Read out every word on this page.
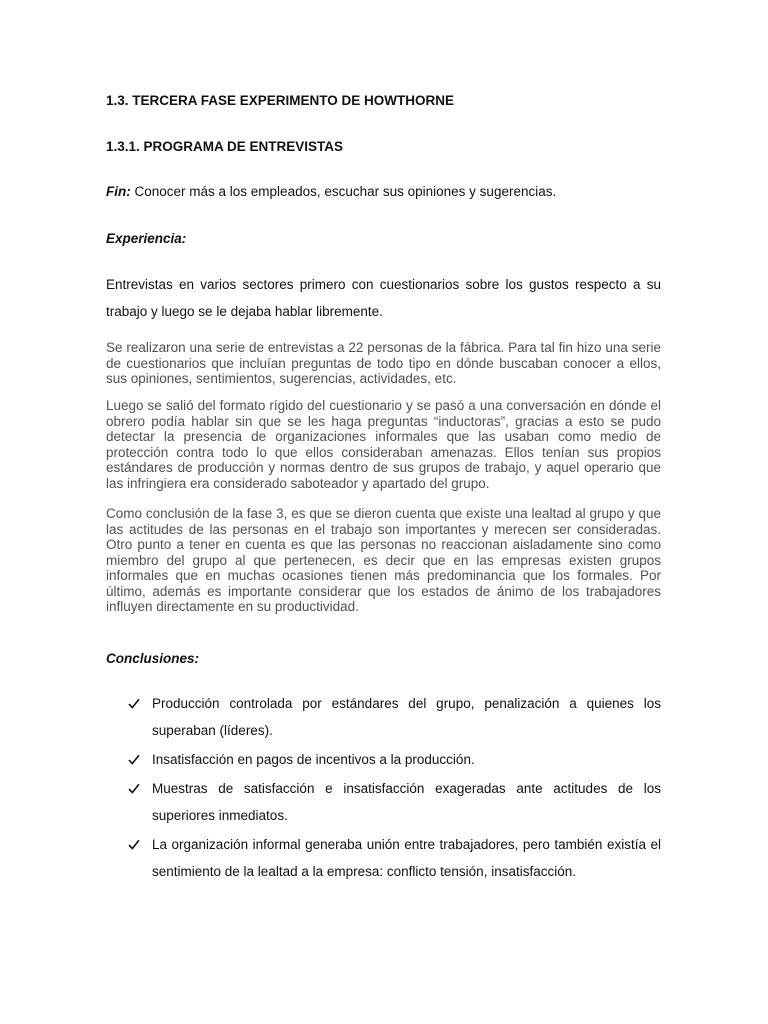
1.3. TERCERA FASE EXPERIMENTO DE HOWTHORNE

1.3.1. PROGRAMA DE ENTREVISTAS

Fin: Conocer más a los empleados, escuchar sus opiniones y sugerencias.

Experiencia:

Entrevistas en varios sectores primero con cuestionarios sobre los gustos respecto a su trabajo y luego se le dejaba hablar libremente.

Se realizaron una serie de entrevistas a 22 personas de la fábrica. Para tal fin hizo una serie de cuestionarios que incluían preguntas de todo tipo en dónde buscaban conocer a ellos, sus opiniones, sentimientos, sugerencias, actividades, etc.

Luego se salió del formato rígido del cuestionario y se pasó a una conversación en dónde el obrero podía hablar sin que se les haga preguntas “inductoras”, gracias a esto se pudo detectar la presencia de organizaciones informales que las usaban como medio de protección contra todo lo que ellos consideraban amenazas. Ellos tenían sus propios estándares de producción y normas dentro de sus grupos de trabajo, y aquel operario que las infringiera era considerado saboteador y apartado del grupo.

Como conclusión de la fase 3, es que se dieron cuenta que existe una lealtad al grupo y que las actitudes de las personas en el trabajo son importantes y merecen ser consideradas. Otro punto a tener en cuenta es que las personas no reaccionan aisladamente sino como miembro del grupo al que pertenecen, es decir que en las empresas existen grupos informales que en muchas ocasiones tienen más predominancia que los formales. Por último, además es importante considerar que los estados de ánimo de los trabajadores influyen directamente en su productividad.

Conclusiones:

Producción controlada por estándares del grupo, penalización a quienes los superaban (líderes).
Insatisfacción en pagos de incentivos a la producción.
Muestras de satisfacción e insatisfacción exageradas ante actitudes de los superiores inmediatos.
La organización informal generaba unión entre trabajadores, pero también existía el sentimiento de la lealtad a la empresa: conflicto tensión, insatisfacción.
